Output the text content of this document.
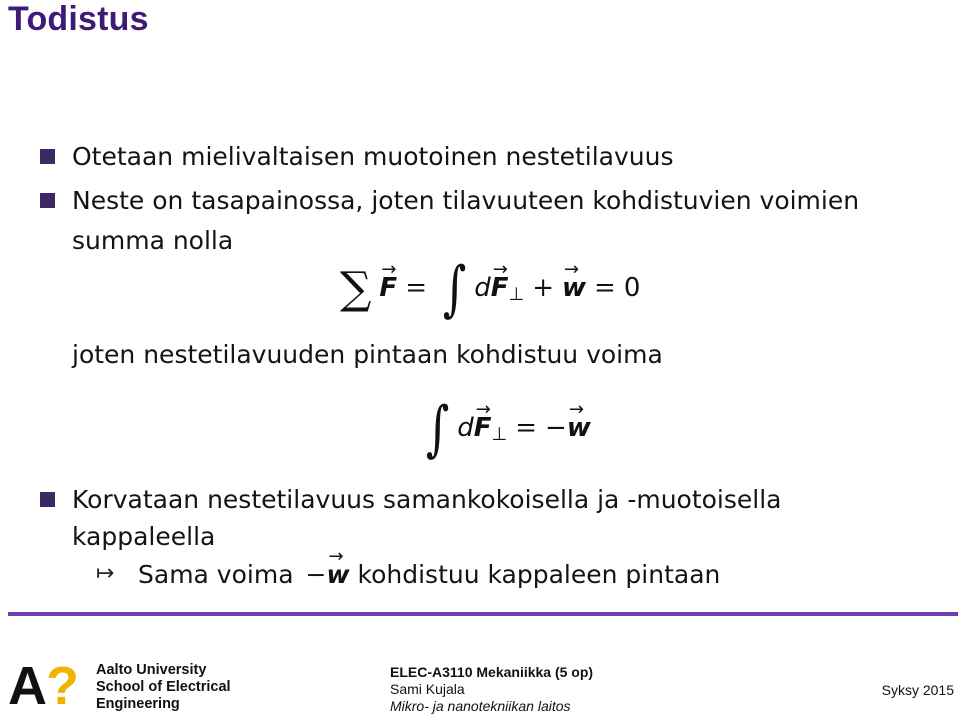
Todistus
Otetaan mielivaltaisen muotoinen nestetilavuus
Neste on tasapainossa, joten tilavuuteen kohdistuvien voimien
summa nolla
∑ → F = ∫ d→ F⊥ + → w = 0
joten nestetilavuuden pintaan kohdistuu voima
∫ d→ F⊥ = −→ w
Korvataan nestetilavuus samankokoisella ja -muotoisella
kappaleella
↦ Sama voima −→ w kohdistuu kappaleen pintaan
A ? Aalto University
School of Electrical
Engineering
ELEC-A3110 Mekaniikka (5 op)
Sami Kujala
Mikro- ja nanotekniikan laitos
Syksy 2015
